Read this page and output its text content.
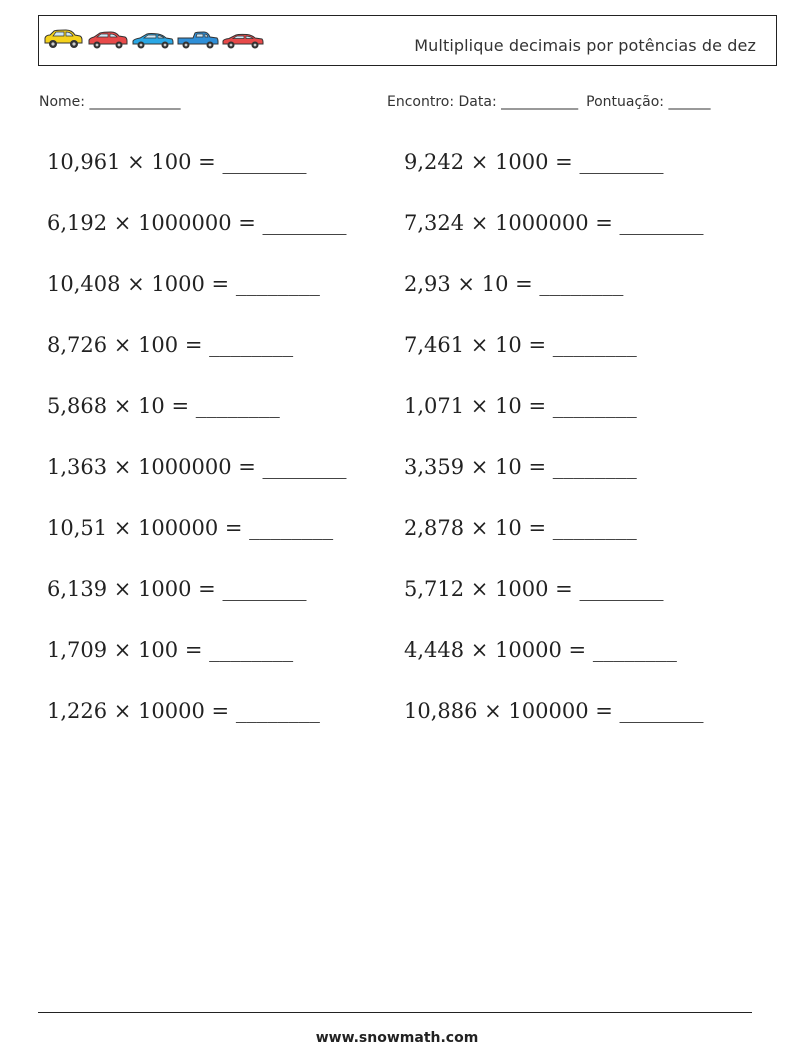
Multiplique decimais por potências de dez
Nome: _____________	Encontro: Data: ___________ Pontuação: ______
10,961 × 100 = ________	9,242 × 1000 = ________
6,192 × 1000000 = ________	7,324 × 1000000 = ________
10,408 × 1000 = ________	2,93 × 10 = ________
8,726 × 100 = ________	7,461 × 10 = ________
5,868 × 10 = ________	1,071 × 10 = ________
1,363 × 1000000 = ________	3,359 × 10 = ________
10,51 × 100000 = ________	2,878 × 10 = ________
6,139 × 1000 = ________	5,712 × 1000 = ________
1,709 × 100 = ________	4,448 × 10000 = ________
1,226 × 10000 = ________	10,886 × 100000 = ________
www.snowmath.com
